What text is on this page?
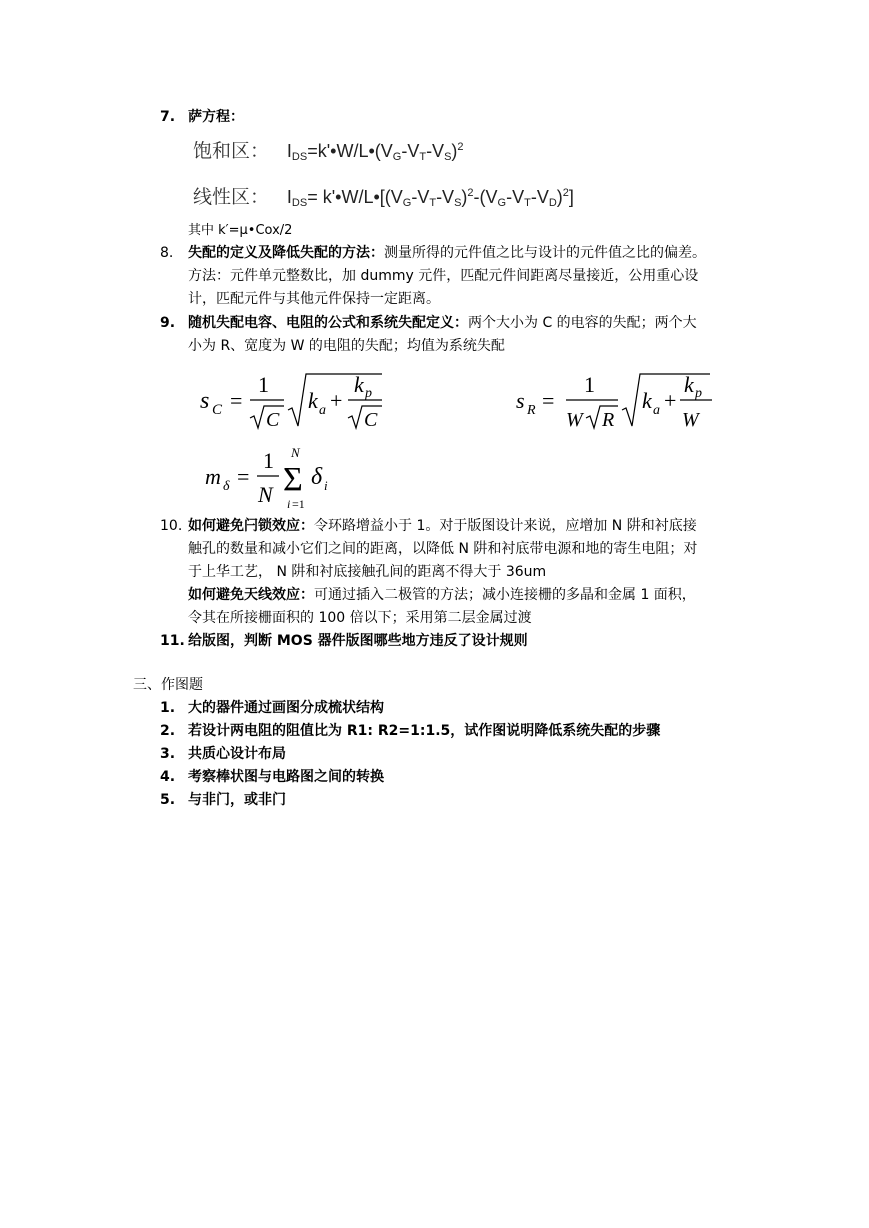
7. 萨方程：
饱和区： $I_{DS}=k'•W/L•(V_G-V_T-V_S)^2$
线性区： $I_{DS}=$ $k'•W/L•[(V_G-V_T-V_S)^2-(V_G-V_T-V_D)^2]$
其中 k′=μ•Cox/2
8.	失配的定义及降低失配的方法：测量所得的元件值之比与设计的元件值之比的偏差。
方法：元件单元整数比，加 dummy 元件，匹配元件间距离尽量接近，公用重心设
计，匹配元件与其他元件保持一定距离。
9. 随机失配电容、电阻的公式和系统失配定义：两个大小为 C 的电容的失配；两个大
小为 R、宽度为 W 的电阻的失配；均值为系统失配
s C =
1
C
k a +
k p
C
s R =
1
W R
k a +
k p
W
m δ =
1
N
N
Σ
i =1
δ i
10. 如何避免闩锁效应：令环路增益小于 1。对于版图设计来说，应增加 N 阱和衬底接
触孔的数量和减小它们之间的距离，以降低 N 阱和衬底带电源和地的寄生电阻；对
于上华工艺， N 阱和衬底接触孔间的距离不得大于 36um
如何避免天线效应：可通过插入二极管的方法；减小连接栅的多晶和金属 1 面积，
令其在所接栅面积的 100 倍以下；采用第二层金属过渡
11. 给版图，判断 MOS 器件版图哪些地方违反了设计规则
三、作图题
1. 大的器件通过画图分成梳状结构
2. 若设计两电阻的阻值比为 R1: R2=1:1.5，试作图说明降低系统失配的步骤
3. 共质心设计布局
4. 考察棒状图与电路图之间的转换
5. 与非门，或非门
